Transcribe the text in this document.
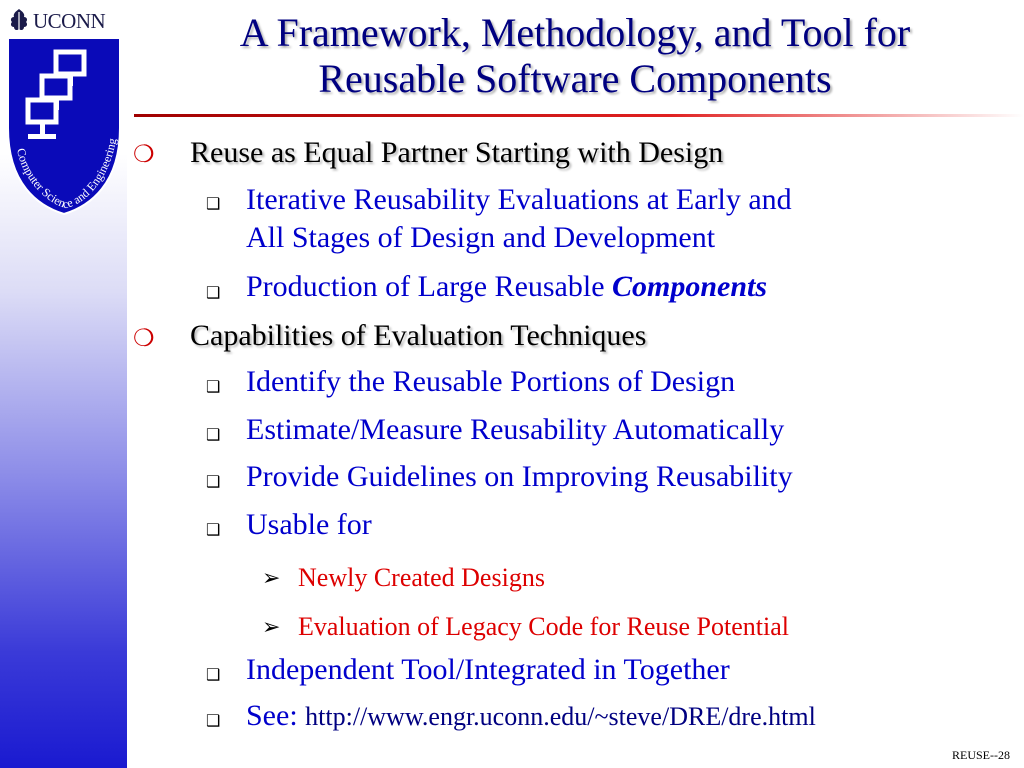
UCONN
Computer Science and Engineering
A Framework, Methodology, and Tool for
Reusable Software Components
❍ Reuse as Equal Partner Starting with Design
❑ Iterative Reusability Evaluations at Early and
All Stages of Design and Development
❑ Production of Large Reusable Components
❍ Capabilities of Evaluation Techniques
❑ Identify the Reusable Portions of Design
❑ Estimate/Measure Reusability Automatically
❑ Provide Guidelines on Improving Reusability
❑ Usable for
➢ Newly Created Designs
➢ Evaluation of Legacy Code for Reuse Potential
❑ Independent Tool/Integrated in Together
❑ See: http://www.engr.uconn.edu/~steve/DRE/dre.html
REUSE--28
